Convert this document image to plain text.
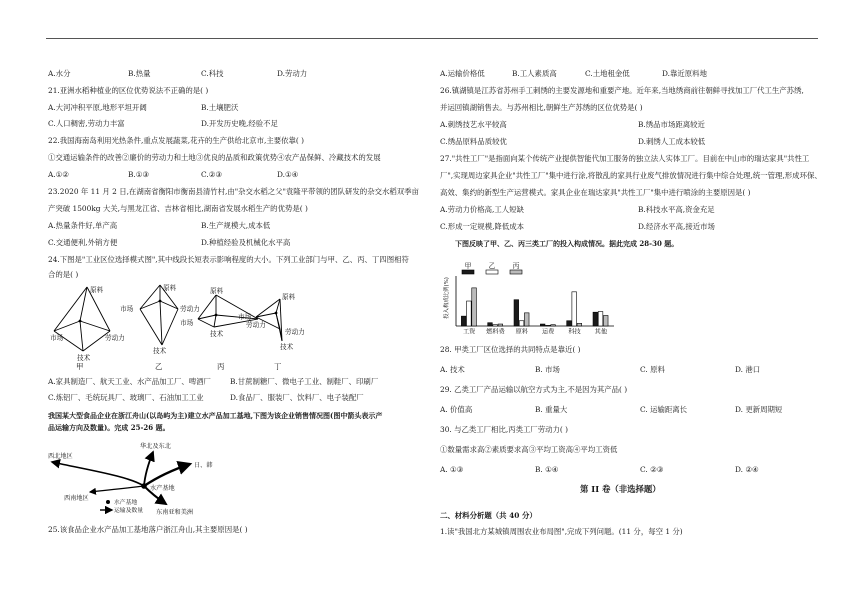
A.水分	B.热量	C.科技	D.劳动力
21.亚洲水稻种植业的区位优势说法不正确的是( )
A.大河冲积平原,地形平坦开阔	B.土壤肥沃
C.人口稠密,劳动力丰富	D.开发历史晚,经验不足
22.我国海南岛利用光热条件,重点发展蔬菜,花卉的生产供给北京市,主要依靠( )
①交通运输条件的改善②廉价的劳动力和土地③优良的品质和政策优势④农产品保鲜、冷藏技术的发展
A.①②	B.①③	C.②③	D.①④
23.2020 年 11 月 2 日,在湖南省衡阳市衡南县清竹村,由"杂交水稻之父"袁隆平带领的团队研发的杂交水稻双季亩
产突破 1500kg 大关,与黑龙江省、吉林省相比,湖南省发展水稻生产的优势是( )
A.热量条件好,单产高	B.生产规模大,成本低
C.交通便利,外销方便	D.种植经验及机械化水平高
24.下图是"工业区位选择模式图",其中线段长短表示影响程度的大小。下列工业部门与甲、乙、丙、丁四图相符
合的是( )
原料
市场	劳动力
技术
原料
市场	劳动力
技术
原料
市场	劳动力
技术
原料
市场
劳动力
技术
甲	乙	丙	丁
A.家具制造厂、航天工业、水产品加工厂、啤酒厂	B.甘蔗制糖厂、微电子工业、制鞋厂、印刷厂
C.炼铝厂、毛统玩具厂、玻璃厂、石油加工工业	D.食品厂、服装厂、饮料厂、电子装配厂
我国某大型食品企业在浙江舟山(以岛屿为主)建立水产品加工基地,下图为该企业销售情况图(图中箭头表示产
品运输方向及数量)。完成 25-26 题。
华北及东北
日、韩
西北地区
西南地区
水产基地
东南亚和美洲
水产基地
运输及数量
25.该食品企业水产品加工基地落户浙江舟山,其主要原因是( )
A.运输价格低	B.工人素质高	C.土地租金低	D.靠近原料地
26.镇湖镇是江苏省苏州手工刺绣的主要发源地和重要产地。近年来,当地绣商前往朝鲜寻找加工厂代工生产苏绣,
并运回镇湖销售去。与苏州相比,朝鲜生产苏绣的区位优势是( )
A.刺绣技艺水平较高	B.绣品市场距离较近
C.绣品原料品质较优	D.刺绣人工成本较低
27."共性工厂"是指面向某个传统产业提供智能代加工服务的独立法人实体工厂。目前在中山市的瑞达家具"共性工
厂",实现周边家具企业"共性工厂"集中进行涂,将散乱的家具行业废气排放情况进行集中综合处理,统一管理,形成环保、
高效、集约的新型生产运营模式。家具企业在瑞达家具"共性工厂"集中进行喷涂的主要原因是( )
A.劳动力价格高,工人短缺	B.科技水平高,资金充足
C.形成一定规模,降低成本	D.经济水平高,接近市场
下图反映了甲、乙、丙三类工厂的投入构成情况。据此完成 28-30 题。
投入构成比例(%)
工资 燃料费 原料 运费 科技 其他
甲	乙	丙
28. 甲类工厂区位选择的共同特点是靠近( )
A. 技术	B. 市场	C. 原料	D. 港口
29. 乙类工厂产品运输以航空方式为主,不是因为其产品( )
A. 价值高	B. 重量大	C. 运输距离长	D. 更新周期短
30. 与乙类工厂相比,丙类工厂劳动力( )
①数量需求高②素质要求高③平均工资高④平均工资低
A. ①③	B. ①④	C. ②③	D. ②④
第 II 卷（非选择题）
二、材料分析题（共 40 分）
1.读"我国北方某城镇周围农业布局图",完成下列问题。(11 分，每空 1 分)
